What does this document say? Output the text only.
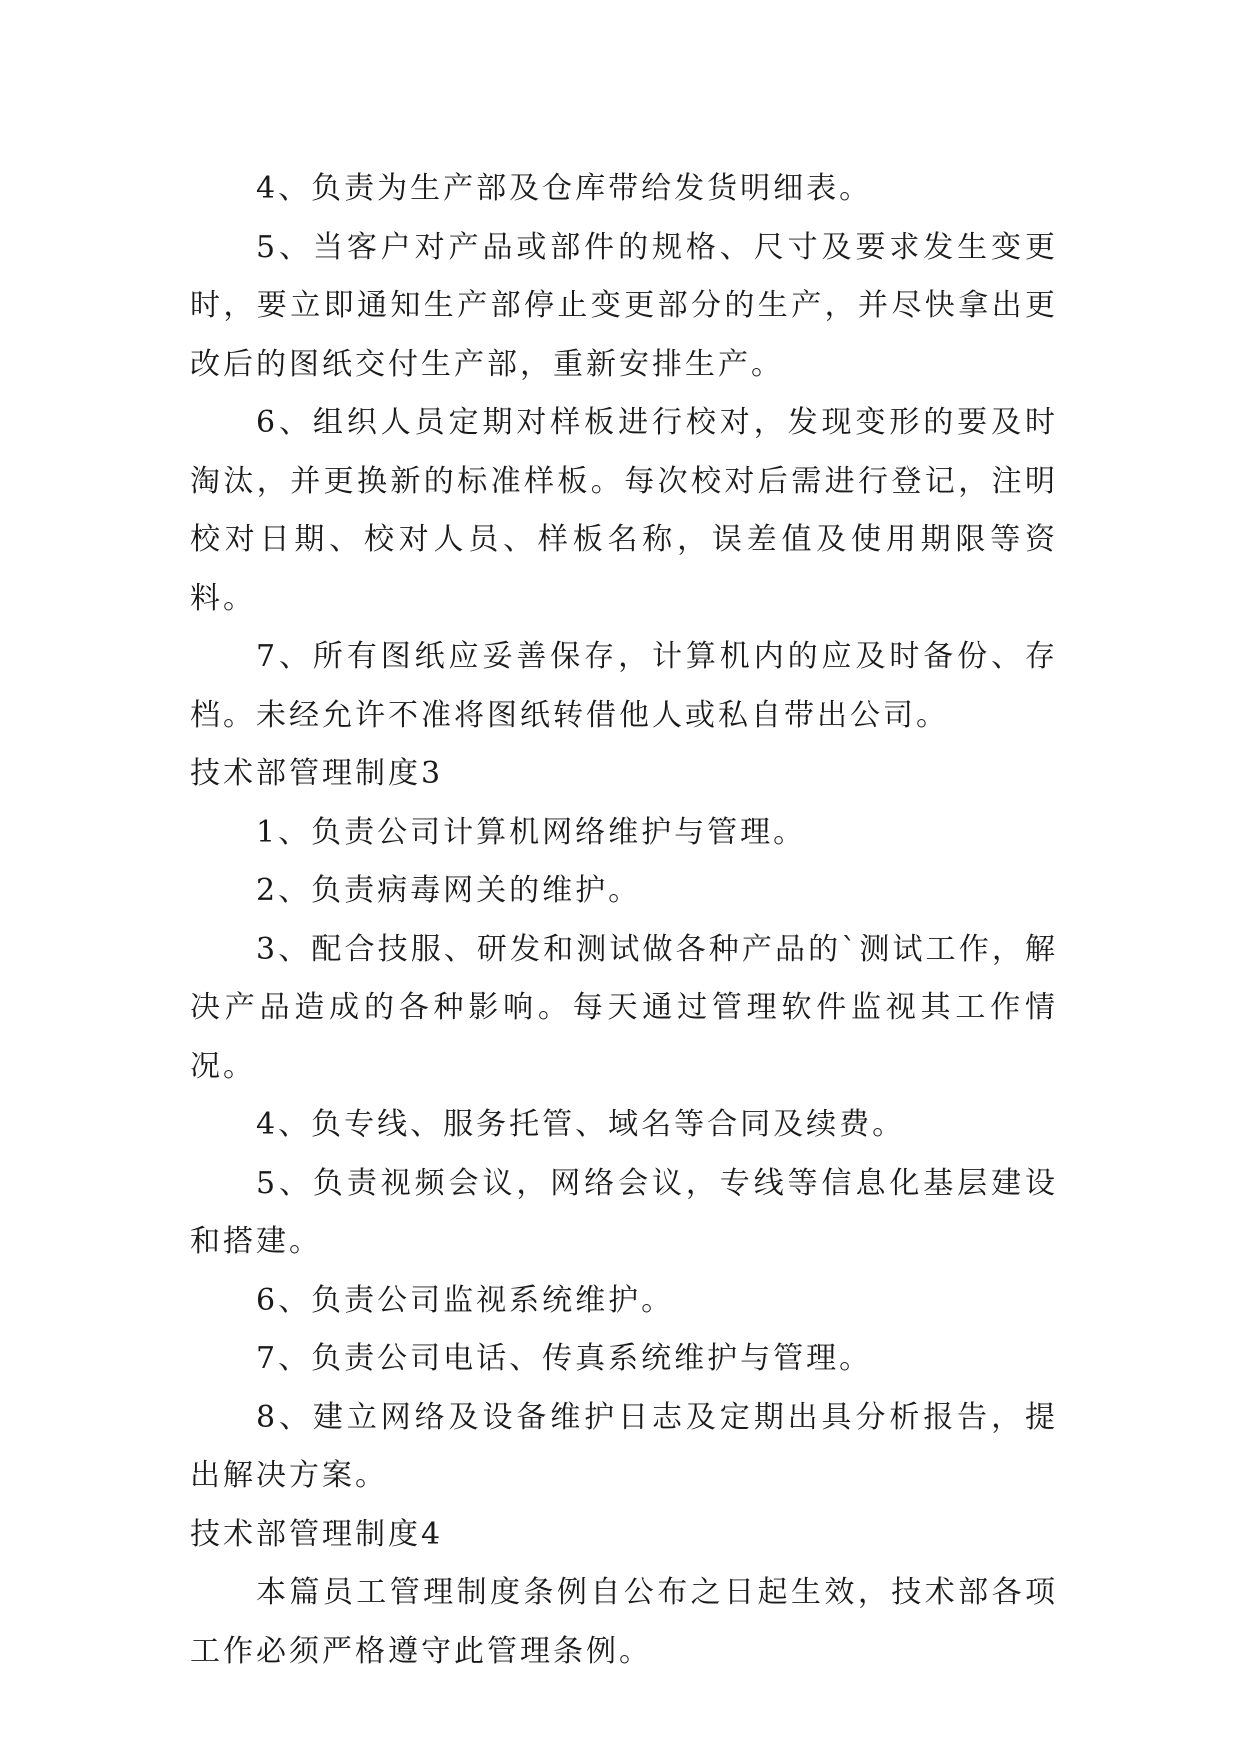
4、负责为生产部及仓库带给发货明细表。

5、当客户对产品或部件的规格、尺寸及要求发生变更时，要立即通知生产部停止变更部分的生产，并尽快拿出更改后的图纸交付生产部，重新安排生产。

6、组织人员定期对样板进行校对，发现变形的要及时淘汰，并更换新的标准样板。每次校对后需进行登记，注明校对日期、校对人员、样板名称，误差值及使用期限等资料。

7、所有图纸应妥善保存，计算机内的应及时备份、存档。未经允许不准将图纸转借他人或私自带出公司。

技术部管理制度3

1、负责公司计算机网络维护与管理。

2、负责病毒网关的维护。

3、配合技服、研发和测试做各种产品的`测试工作，解决产品造成的各种影响。每天通过管理软件监视其工作情况。

4、负专线、服务托管、域名等合同及续费。

5、负责视频会议，网络会议，专线等信息化基层建设和搭建。

6、负责公司监视系统维护。

7、负责公司电话、传真系统维护与管理。

8、建立网络及设备维护日志及定期出具分析报告，提出解决方案。

技术部管理制度4

本篇员工管理制度条例自公布之日起生效，技术部各项工作必须严格遵守此管理条例。
